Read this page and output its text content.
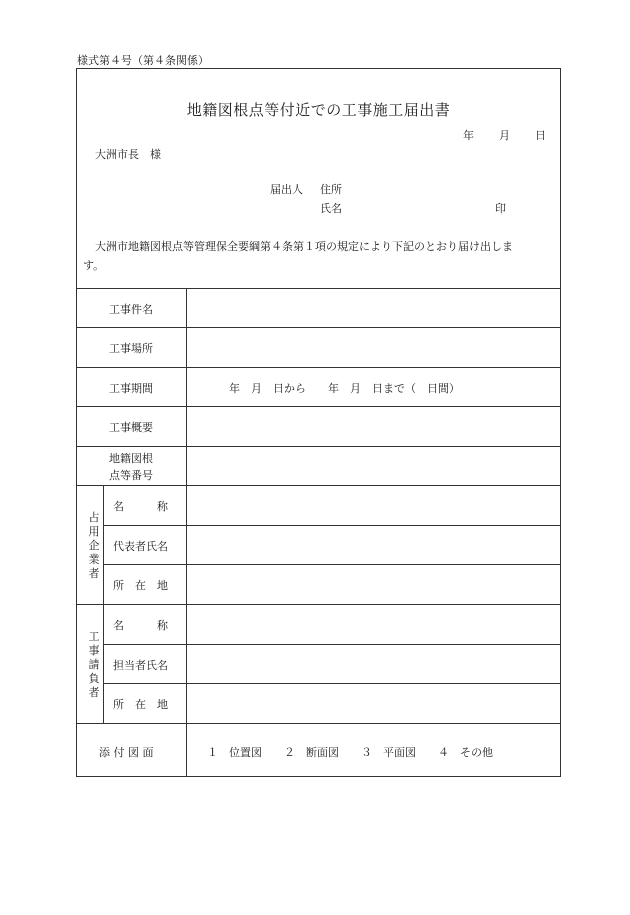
様式第４号（第４条関係）
地籍図根点等付近での工事施工届出書
年 月 日
大洲市長　様
届出人 住所
氏名	印
大洲市地籍図根点等管理保全要綱第４条第１項の規定により下記のとおり届け出しま
す。
工事件名
工事場所
工事期間	年　月　日から　　年　月　日まで（　日間）
工事概要
地籍図根
点等番号
占用企業者
名　　　称
代表者氏名
所　在　地
工事請負者
名　　　称
担当者氏名
所　在　地
添 付 図 面	１　位置図　　２　断面図　　３　平面図　　４　その他
